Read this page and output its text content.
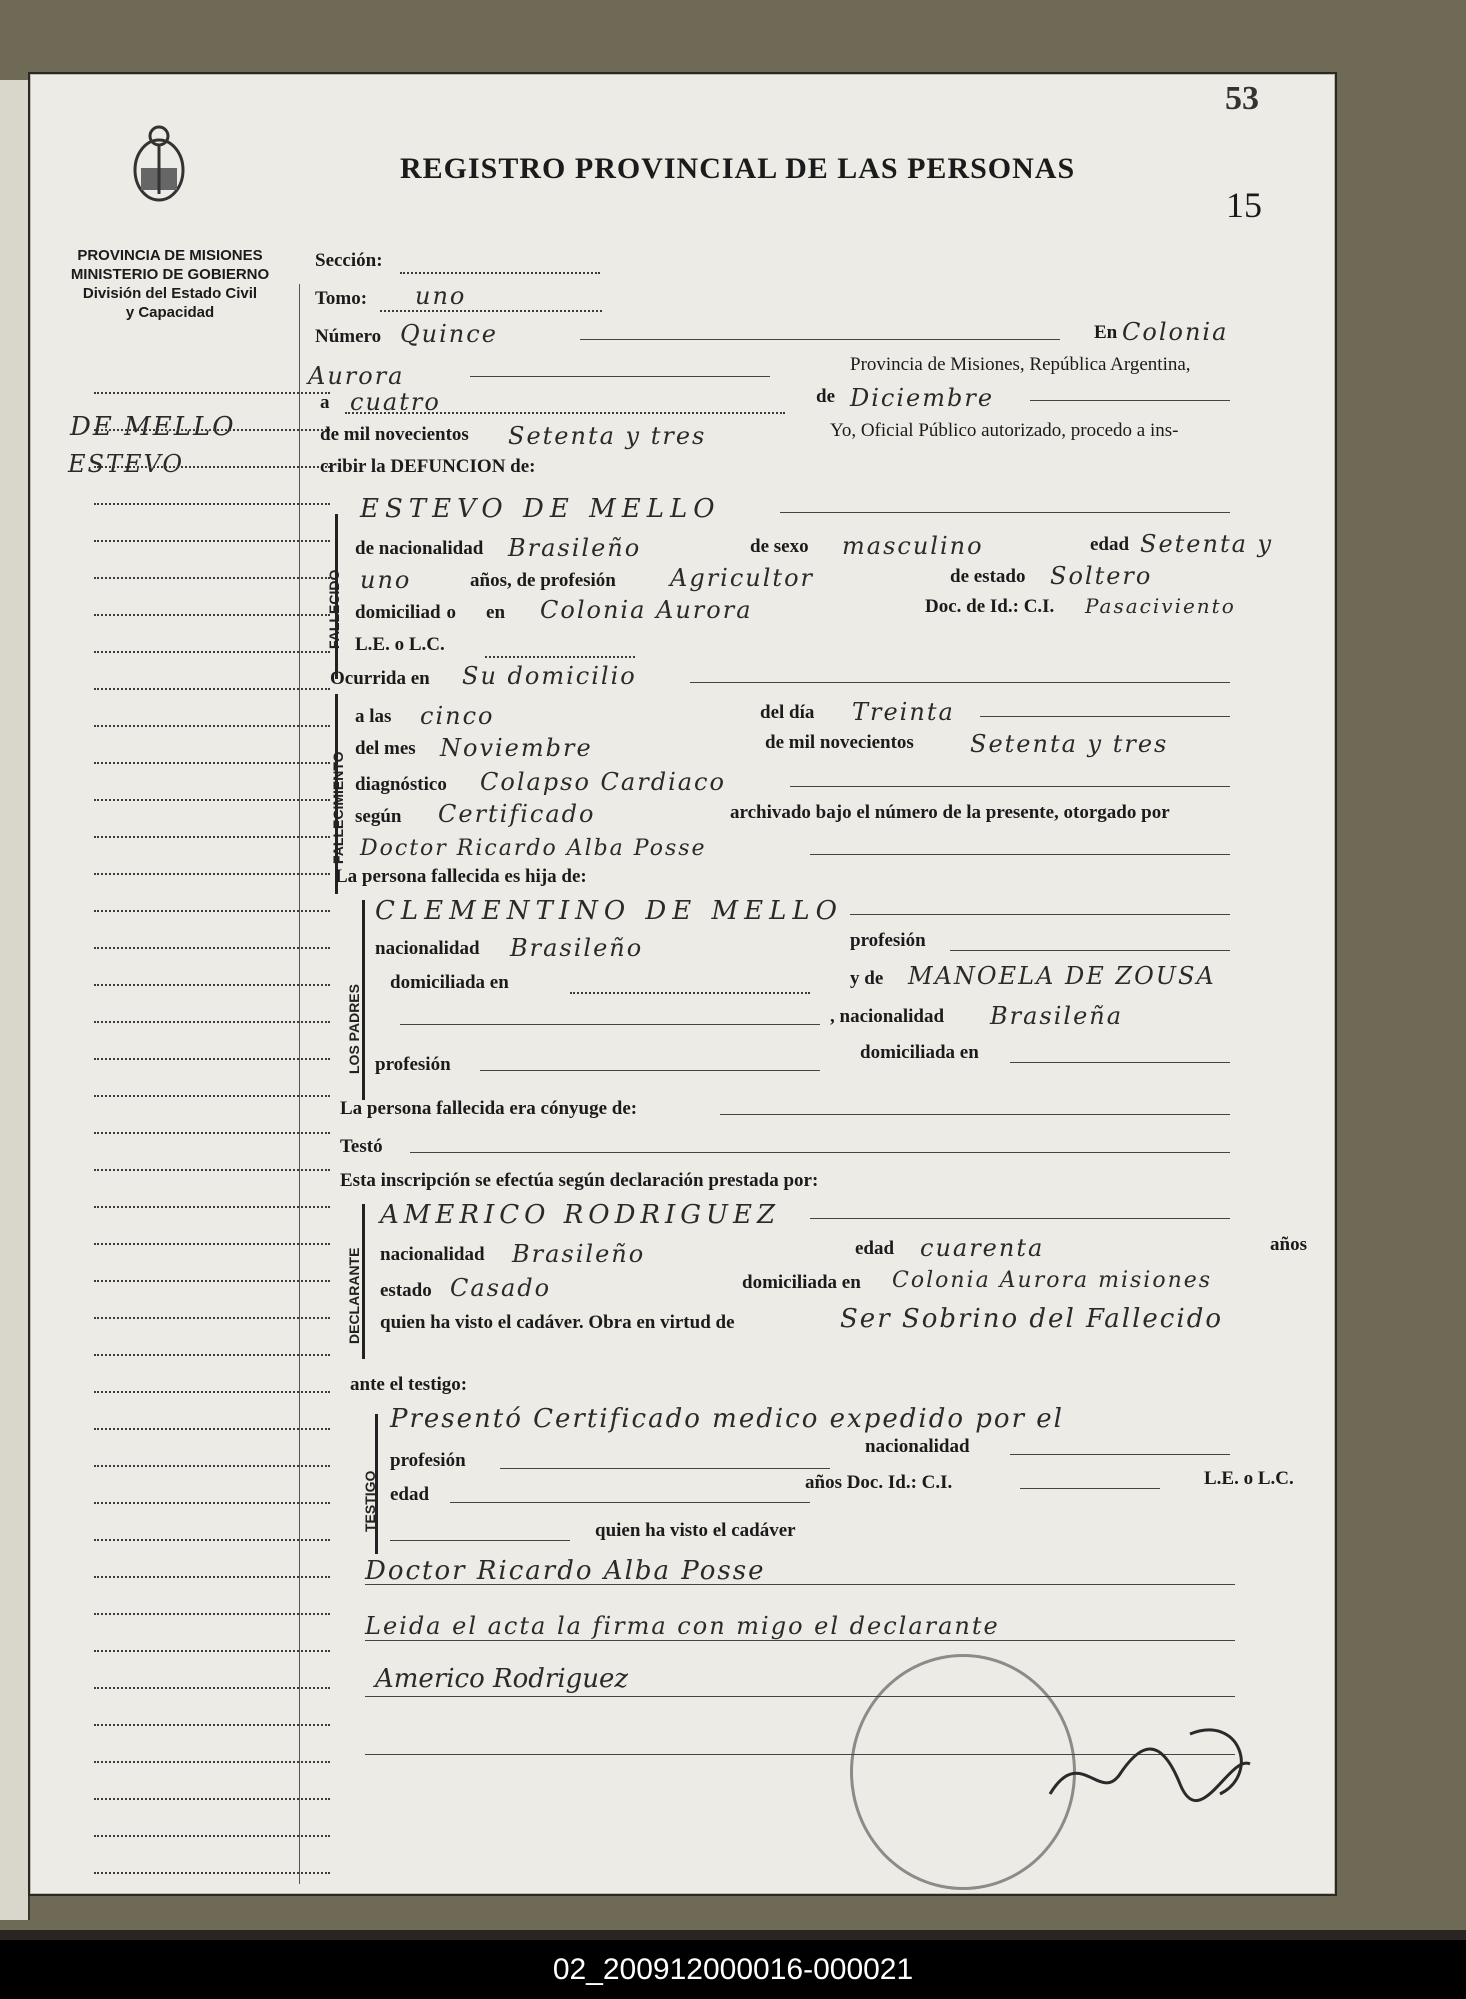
53
15
REGISTRO PROVINCIAL DE LAS PERSONAS
PROVINCIA DE MISIONES
MINISTERIO DE GOBIERNO
División del Estado Civil
y Capacidad
DE MELLO
ESTEVO
Sección:
Tomo: uno
Número Quince	En Colonia
Aurora	Provincia de Misiones, República Argentina,
a cuatro	de Diciembre
de mil novecientos Setenta y tres	Yo, Oficial Público autorizado, procedo a ins-
cribir la DEFUNCION de:
FALLECIDO
ESTEVO DE MELLO
de nacionalidad Brasileño	de sexo masculino	edad Setenta y
uno	años, de profesión Agricultor	de estado Soltero
domiciliad o en Colonia Aurora	Doc. de Id.: C.I. Pasaciviento
L.E. o L.C.
Ocurrida en Su domicilio
FALLECIMIENTO
a las cinco	del día Treinta
del mes Noviembre	de mil novecientos Setenta y tres
diagnóstico Colapso Cardiaco
según Certificado	archivado bajo el número de la presente, otorgado por
Doctor Ricardo Alba Posse
La persona fallecida es hija de:
LOS PADRES
CLEMENTINO DE MELLO
nacionalidad Brasileño	profesión
domiciliada en	y de MANOELA DE ZOUSA
, nacionalidad Brasileña
profesión
domiciliada en
La persona fallecida era cónyuge de:
Testó
Esta inscripción se efectúa según declaración prestada por:
DECLARANTE
AMERICO RODRIGUEZ
nacionalidad Brasileño	edad cuarenta	años
estado Casado	domiciliada en Colonia Aurora misiones
quien ha visto el cadáver. Obra en virtud de	Ser Sobrino del Fallecido
ante el testigo:
TESTIGO
Presentó Certificado medico expedido por el
profesión
nacionalidad
edad
años Doc. Id.: C.I.	L.E. o L.C.
quien ha visto el cadáver
Doctor Ricardo Alba Posse
Leida el acta la firma con migo el declarante
Americo Rodriguez
02_200912000016-000021
